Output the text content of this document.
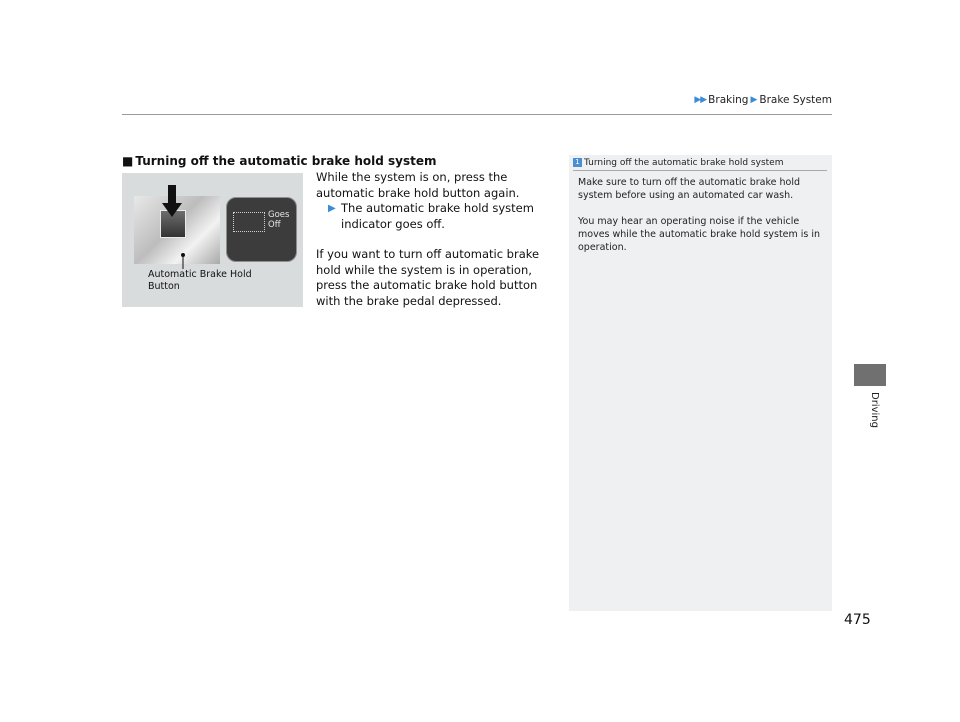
▶▶ Braking ▶ Brake System
Driving
■ Turning off the automatic brake hold system
Goes Off
Automatic Brake Hold Button

While the system is on, press the automatic brake hold button again.

▶ The automatic brake hold system indicator goes off.

If you want to turn off automatic brake hold while the system is in operation, press the automatic brake hold button with the brake pedal depressed.

1 Turning off the automatic brake hold system
Make sure to turn off the automatic brake hold system before using an automated car wash.
You may hear an operating noise if the vehicle moves while the automatic brake hold system is in operation.
475
